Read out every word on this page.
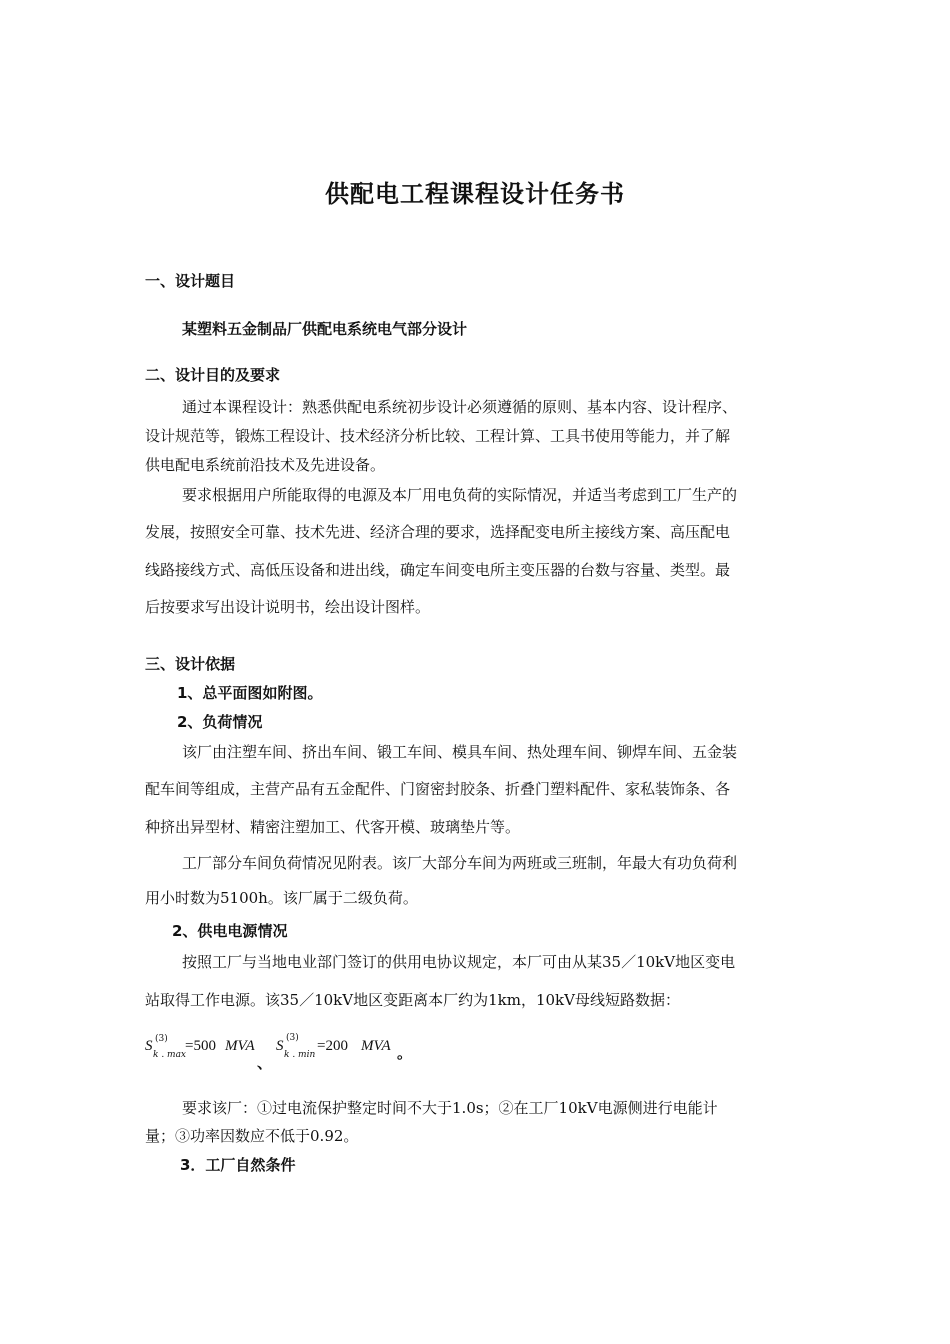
供配电工程课程设计任务书
一、设计题目
某塑料五金制品厂供配电系统电气部分设计
二、设计目的及要求
通过本课程设计：熟悉供配电系统初步设计必须遵循的原则、基本内容、设计程序、
设计规范等，锻炼工程设计、技术经济分析比较、工程计算、工具书使用等能力，并了解
供电配电系统前沿技术及先进设备。
要求根据用户所能取得的电源及本厂用电负荷的实际情况，并适当考虑到工厂生产的
发展，按照安全可靠、技术先进、经济合理的要求，选择配变电所主接线方案、高压配电
线路接线方式、高低压设备和进出线，确定车间变电所主变压器的台数与容量、类型。最
后按要求写出设计说明书，绘出设计图样。
三、设计依据
1、总平面图如附图。
2、负荷情况
该厂由注塑车间、挤出车间、锻工车间、模具车间、热处理车间、铆焊车间、五金装
配车间等组成，主营产品有五金配件、门窗密封胶条、折叠门塑料配件、家私装饰条、各
种挤出异型材、精密注塑加工、代客开模、玻璃垫片等。
工厂部分车间负荷情况见附表。该厂大部分车间为两班或三班制，年最大有功负荷利
用小时数为5100h。该厂属于二级负荷。
2、供电电源情况
按照工厂与当地电业部门签订的供用电协议规定，本厂可由从某35／10kV地区变电
站取得工作电源。该35／10kV地区变距离本厂约为1km，10kV母线短路数据：
S (3)
k . max
=500 MVA
、
S (3)
k . min
=200 MVA 。
要求该厂：①过电流保护整定时间不大于1.0s；②在工厂10kV电源侧进行电能计
量；③功率因数应不低于0.92。
3．工厂自然条件
